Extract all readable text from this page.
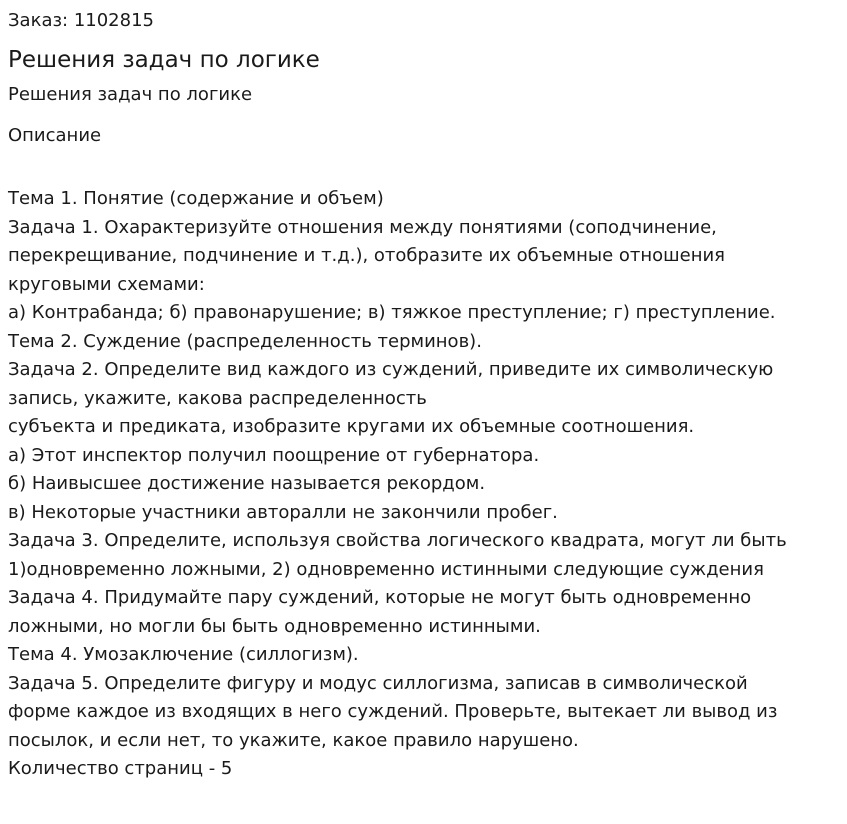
Заказ: 1102815

Решения задач по логике

Решения задач по логике

Описание

Тема 1. Понятие (содержание и объем)
Задача 1. Охарактеризуйте отношения между понятиями (соподчинение,
перекрещивание, подчинение и т.д.), отобразите их объемные отношения
круговыми схемами:
а) Контрабанда; б) правонарушение; в) тяжкое преступление; г) преступление.
Тема 2. Суждение (распределенность терминов).
Задача 2. Определите вид каждого из суждений, приведите их символическую
запись, укажите, какова распределенность
субъекта и предиката, изобразите кругами их объемные соотношения.
а) Этот инспектор получил поощрение от губернатора.
б) Наивысшее достижение называется рекордом.
в) Некоторые участники авторалли не закончили пробег.
Задача 3. Определите, используя свойства логического квадрата, могут ли быть
1)одновременно ложными, 2) одновременно истинными следующие суждения
Задача 4. Придумайте пару суждений, которые не могут быть одновременно
ложными, но могли бы быть одновременно истинными.
Тема 4. Умозаключение (силлогизм).
Задача 5. Определите фигуру и модус силлогизма, записав в символической
форме каждое из входящих в него суждений. Проверьте, вытекает ли вывод из
посылок, и если нет, то укажите, какое правило нарушено.
Количество страниц - 5
